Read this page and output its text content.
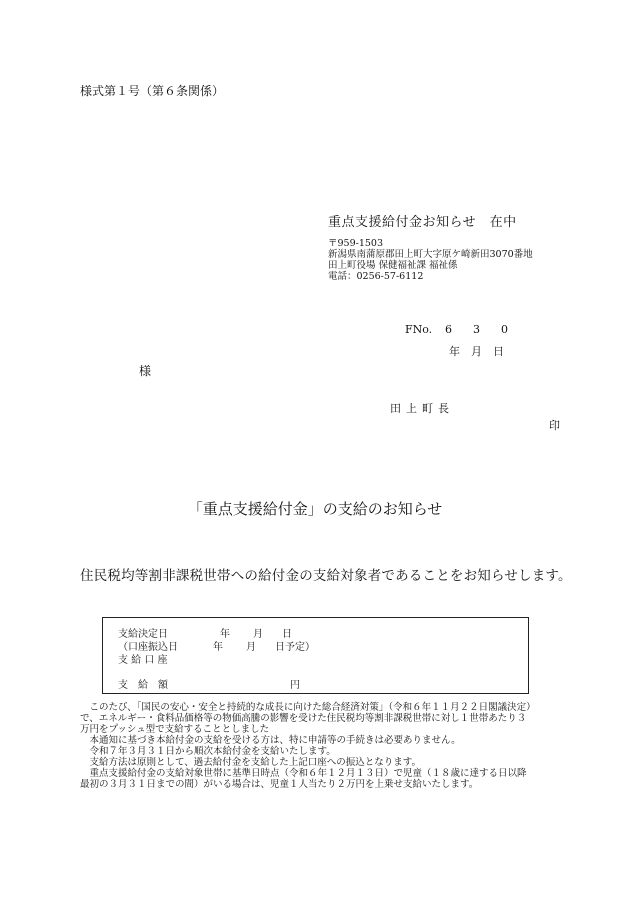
様式第１号（第６条関係）
重点支援給付金お知らせ　在中
〒959-1503
新潟県南蒲原郡田上町大字原ケ崎新田3070番地
田上町役場 保健福祉課 福祉係
電話：0256-57-6112
FNo. 6 3 0
年　月　日
様
田上町長
印
「重点支援給付金」の支給のお知らせ
住民税均等割非課税世帯への給付金の支給対象者であることをお知らせします。
支給決定日	年 月 日
（口座振込日	年 月 日予定）
支 給 口 座
支　給　額	円
　このたび、「国民の安心・安全と持続的な成長に向けた総合経済対策」（令和６年１１月２２日閣議決定）
で、エネルギー・食料品価格等の物価高騰の影響を受けた住民税均等割非課税世帯に対し１世帯あたり３
万円をプッシュ型で支給することとしました
　本通知に基づき本給付金の支給を受ける方は、特に申請等の手続きは必要ありません。
　令和７年３月３１日から順次本給付金を支給いたします。
　支給方法は原則として、過去給付金を支給した上記口座への振込となります。
　重点支援給付金の支給対象世帯に基準日時点（令和６年１２月１３日）で児童（１８歳に達する日以降
最初の３月３１日までの間）がいる場合は、児童１人当たり２万円を上乗せ支給いたします。
